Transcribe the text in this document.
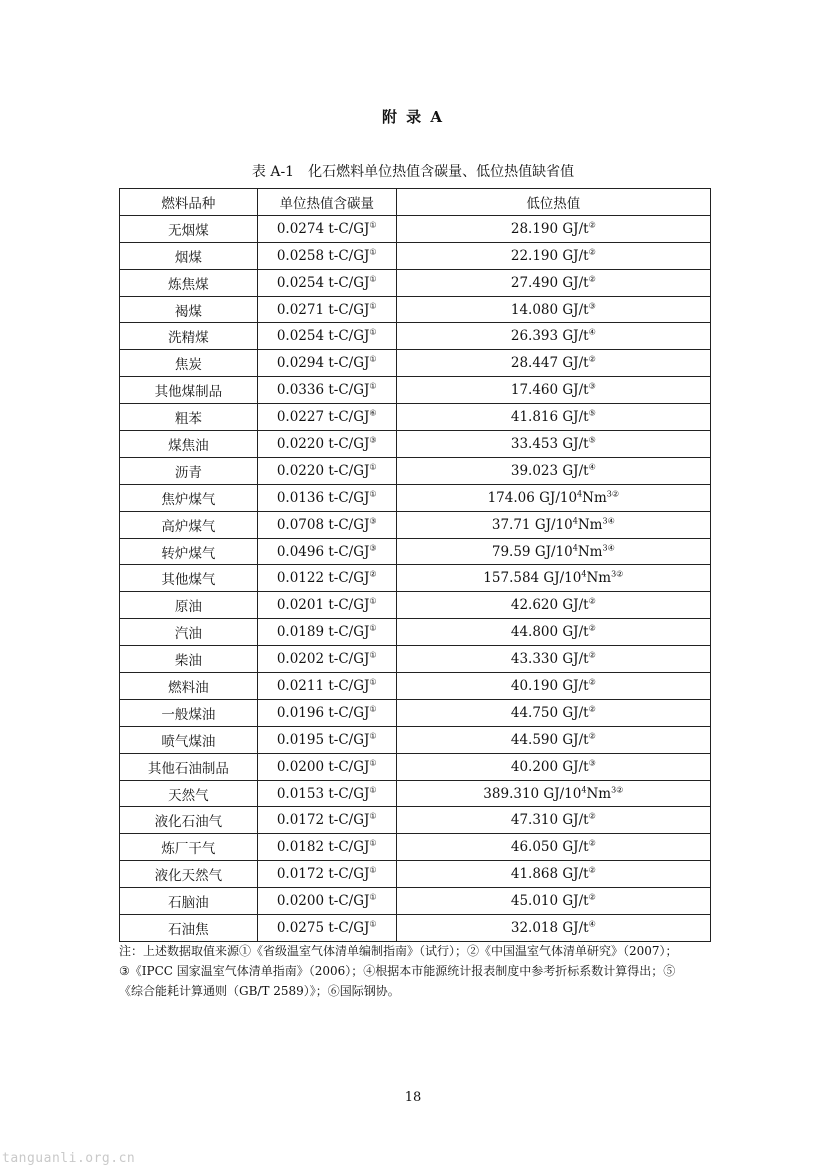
附 录 A
表 A-1　化石燃料单位热值含碳量、低位热值缺省值
燃料品种	单位热值含碳量	低位热值
无烟煤	0.0274 t-C/GJ①	28.190 GJ/t②
烟煤	0.0258 t-C/GJ①	22.190 GJ/t②
炼焦煤	0.0254 t-C/GJ①	27.490 GJ/t②
褐煤	0.0271 t-C/GJ①	14.080 GJ/t③
洗精煤	0.0254 t-C/GJ①	26.393 GJ/t④
焦炭	0.0294 t-C/GJ①	28.447 GJ/t②
其他煤制品	0.0336 t-C/GJ①	17.460 GJ/t③
粗苯	0.0227 t-C/GJ⑥	41.816 GJ/t⑤
煤焦油	0.0220 t-C/GJ③	33.453 GJ/t⑤
沥青	0.0220 t-C/GJ①	39.023 GJ/t④
焦炉煤气	0.0136 t-C/GJ①	174.06 $GJ/10^4Nm^{3②}$
高炉煤气	0.0708 t-C/GJ③	37.71 $GJ/10^4Nm^{3④}$
转炉煤气	0.0496 t-C/GJ③	79.59 $GJ/10^4Nm^{3④}$
其他煤气	0.0122 t-C/GJ②	157.584 $GJ/10^4Nm^{3②}$
原油	0.0201 t-C/GJ①	42.620 GJ/t②
汽油	0.0189 t-C/GJ①	44.800 GJ/t②
柴油	0.0202 t-C/GJ①	43.330 GJ/t②
燃料油	0.0211 t-C/GJ①	40.190 GJ/t②
一般煤油	0.0196 t-C/GJ①	44.750 GJ/t②
喷气煤油	0.0195 t-C/GJ①	44.590 GJ/t②
其他石油制品	0.0200 t-C/GJ①	40.200 GJ/t③
天然气	0.0153 t-C/GJ①	389.310 $GJ/10^4Nm^{3②}$
液化石油气	0.0172 t-C/GJ①	47.310 GJ/t②
炼厂干气	0.0182 t-C/GJ①	46.050 GJ/t②
液化天然气	0.0172 t-C/GJ①	41.868 GJ/t②
石脑油	0.0200 t-C/GJ①	45.010 GJ/t②
石油焦	0.0275 t-C/GJ①	32.018 GJ/t④

注：上述数据取值来源①《省级温室气体清单编制指南》（试行）；②《中国温室气体清单研究》（2007）；

③《IPCC 国家温室气体清单指南》（2006）；④根据本市能源统计报表制度中参考折标系数计算得出；⑤

《综合能耗计算通则（GB/T 2589）》；⑥国际钢协。

18
tanguanli.org.cn
